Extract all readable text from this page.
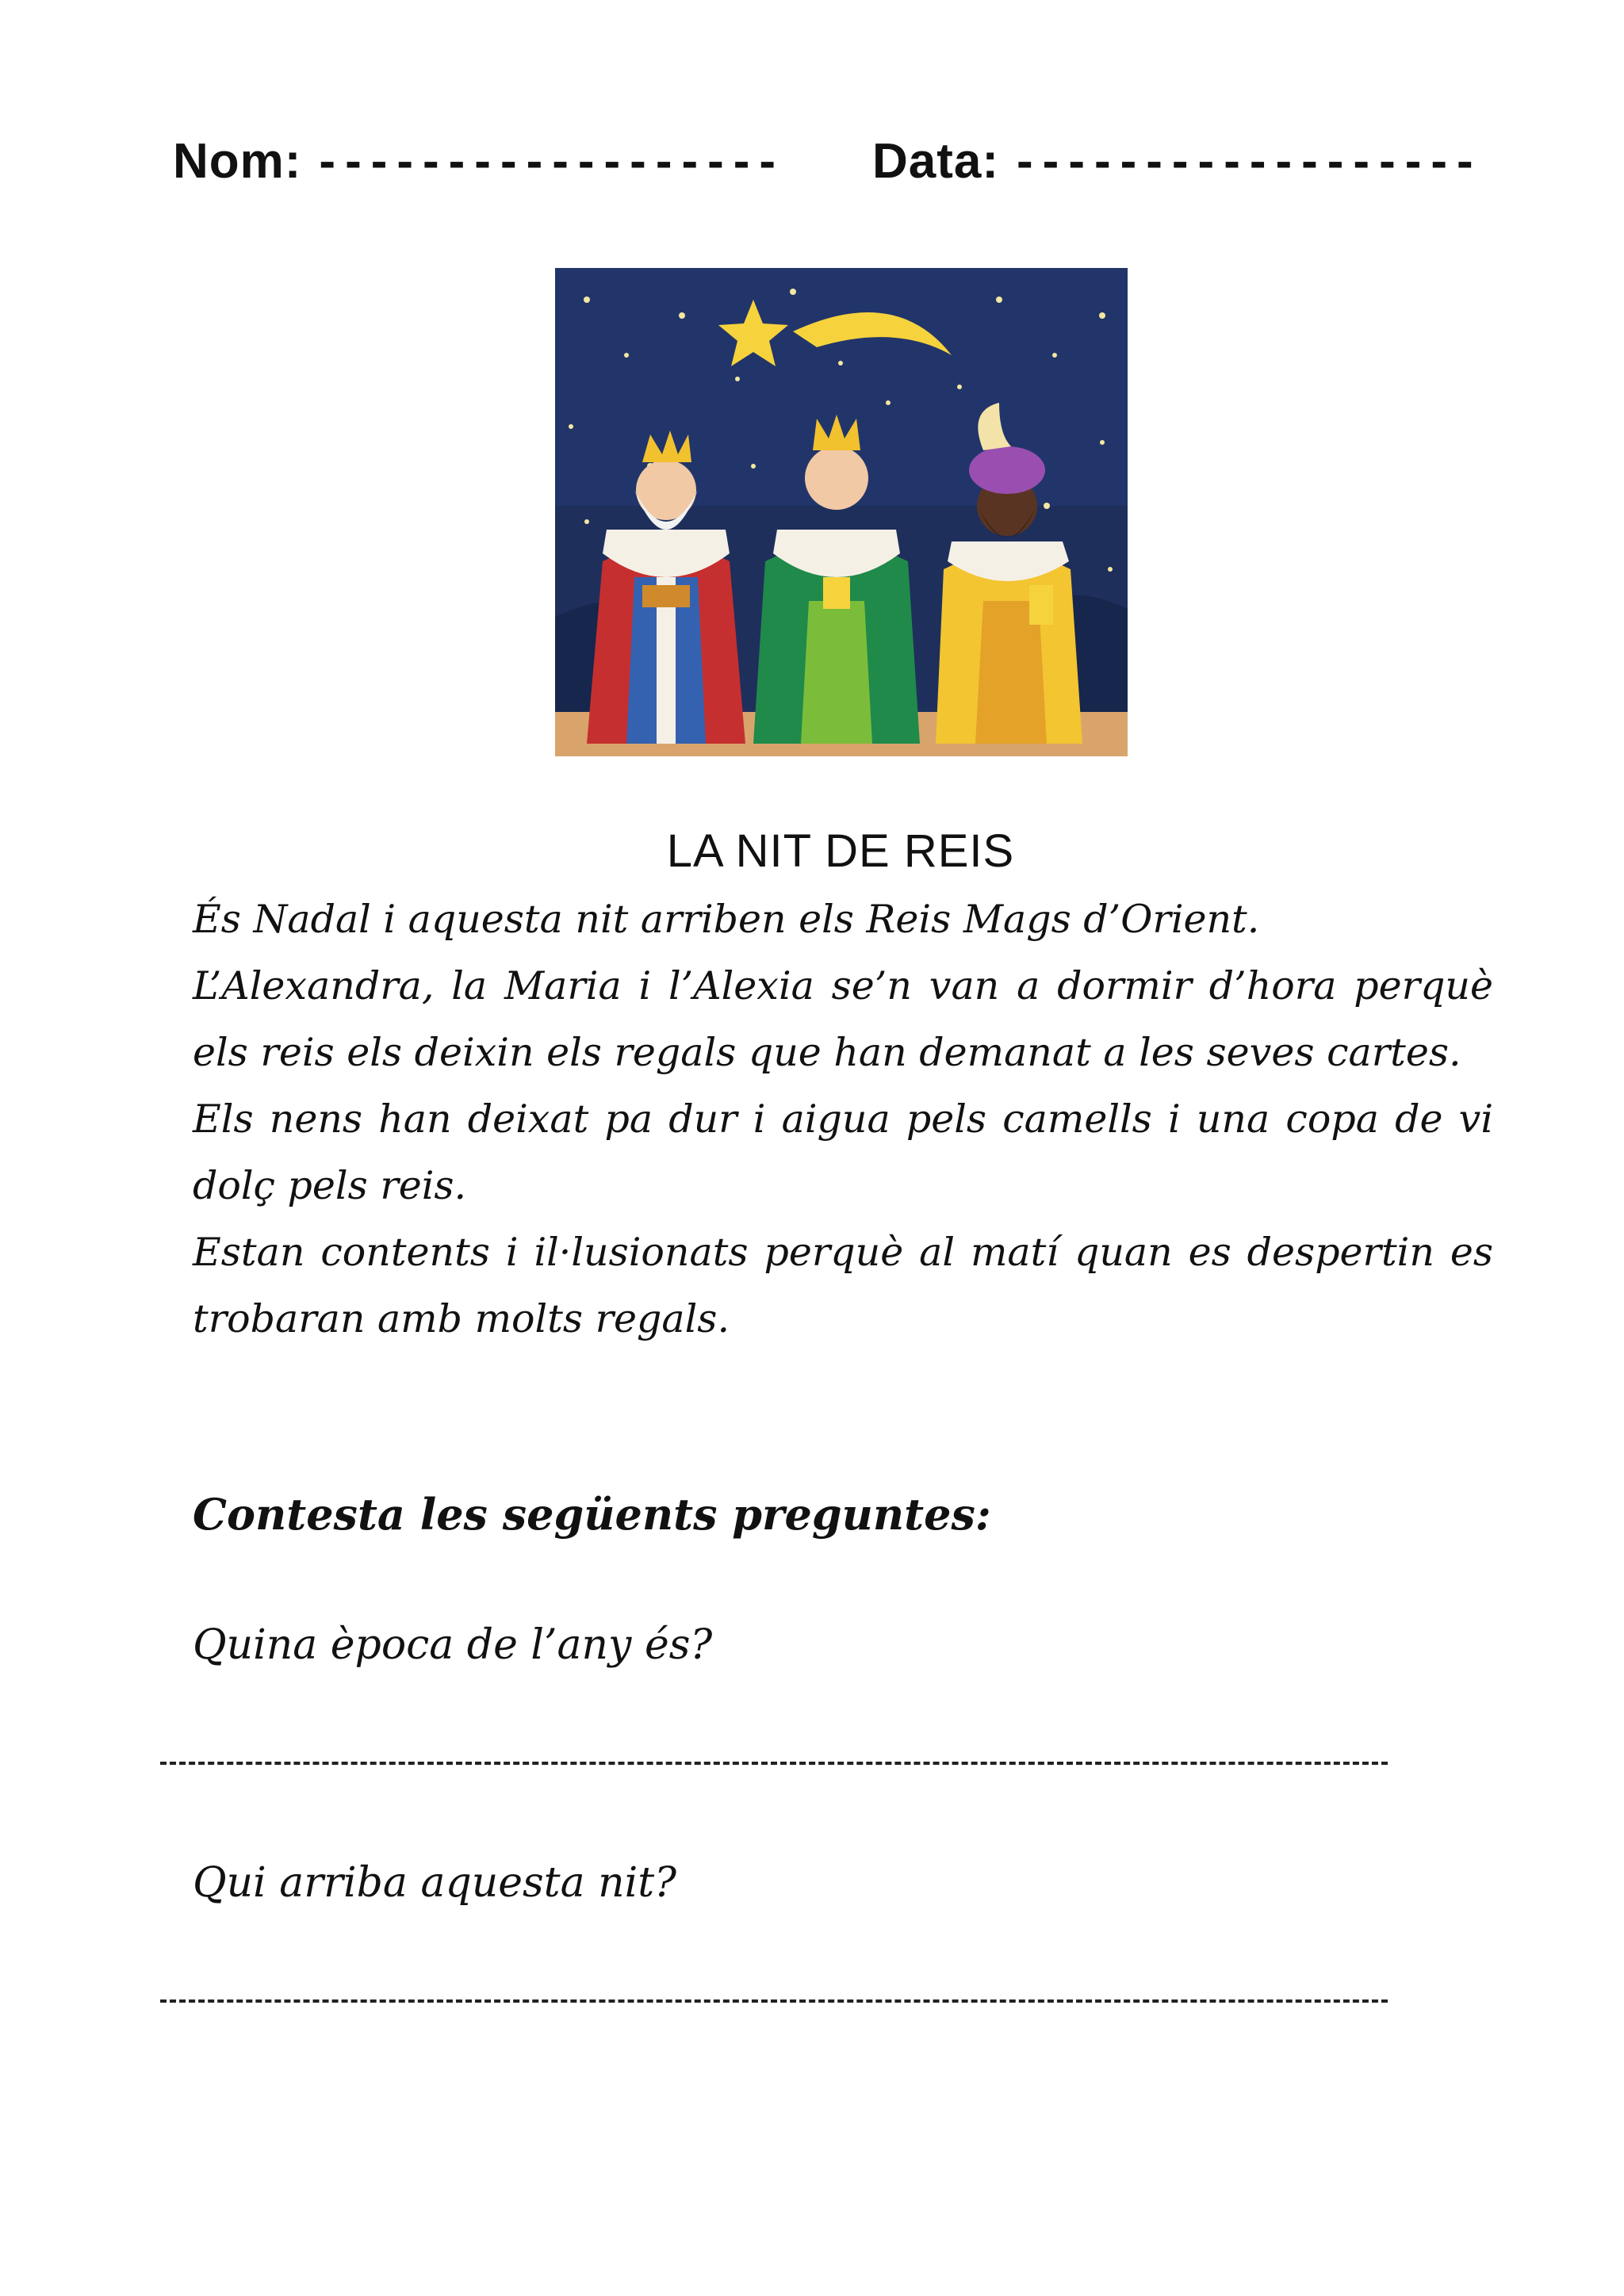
Nom: ------------------ Data: ------------------
LA NIT DE REIS

És Nadal i aquesta nit arriben els Reis Mags d’Orient.

L’Alexandra, la Maria i l’Alexia se’n van a dormir d’hora perquè els reis els deixin els regals que han demanat a les seves cartes.

Els nens han deixat pa dur i aigua pels camells i una copa de vi dolç pels reis.

Estan contents i il·lusionats perquè al matí quan es despertin es trobaran amb molts regals.

Contesta les següents preguntes:
Quina època de l’any és?
Qui arriba aquesta nit?
